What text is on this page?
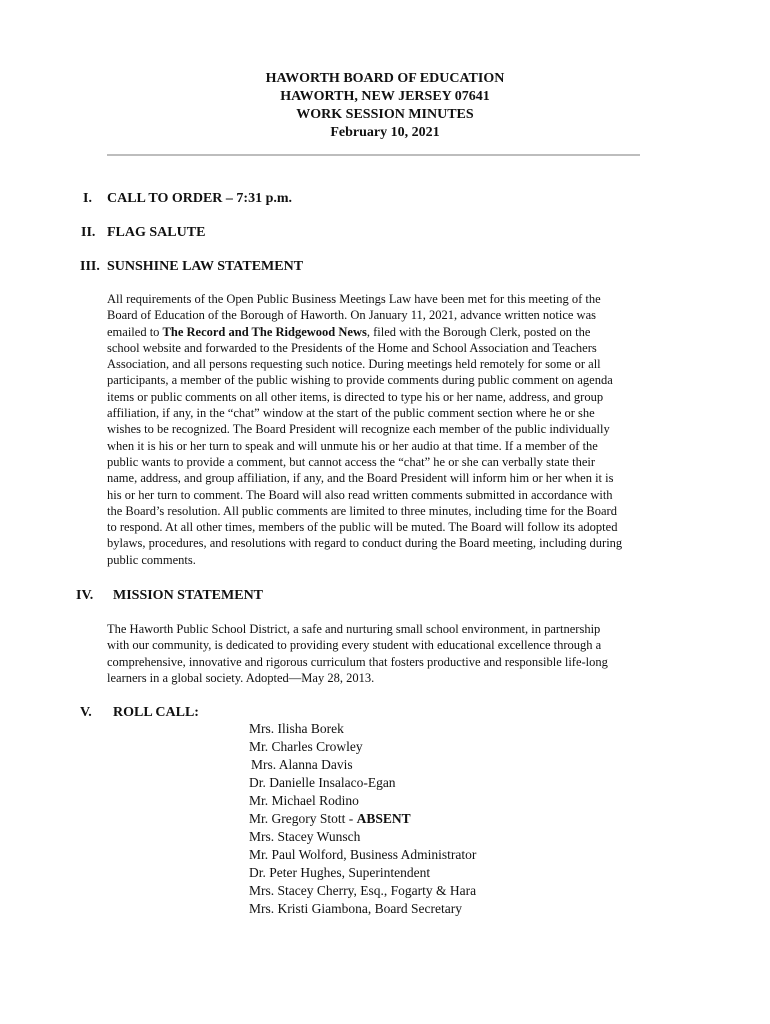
HAWORTH BOARD OF EDUCATION
HAWORTH, NEW JERSEY 07641
WORK SESSION MINUTES
February 10, 2021
I. CALL TO ORDER – 7:31 p.m.
II. FLAG SALUTE
III. SUNSHINE LAW STATEMENT

All requirements of the Open Public Business Meetings Law have been met for this meeting of the

Board of Education of the Borough of Haworth. On January 11, 2021, advance written notice was

emailed to The Record and The Ridgewood News, filed with the Borough Clerk, posted on the

school website and forwarded to the Presidents of the Home and School Association and Teachers

Association, and all persons requesting such notice. During meetings held remotely for some or all

participants, a member of the public wishing to provide comments during public comment on agenda

items or public comments on all other items, is directed to type his or her name, address, and group

affiliation, if any, in the “chat” window at the start of the public comment section where he or she

wishes to be recognized. The Board President will recognize each member of the public individually

when it is his or her turn to speak and will unmute his or her audio at that time. If a member of the

public wants to provide a comment, but cannot access the “chat” he or she can verbally state their

name, address, and group affiliation, if any, and the Board President will inform him or her when it is

his or her turn to comment. The Board will also read written comments submitted in accordance with

the Board’s resolution. All public comments are limited to three minutes, including time for the Board

to respond. At all other times, members of the public will be muted. The Board will follow its adopted

bylaws, procedures, and resolutions with regard to conduct during the Board meeting, including during

public comments.

IV. MISSION STATEMENT

The Haworth Public School District, a safe and nurturing small school environment, in partnership

with our community, is dedicated to providing every student with educational excellence through a

comprehensive, innovative and rigorous curriculum that fosters productive and responsible life-long

learners in a global society. Adopted—May 28, 2013.

V. ROLL CALL:
Mrs. Ilisha Borek
Mr. Charles Crowley
Mrs. Alanna Davis
Dr. Danielle Insalaco-Egan
Mr. Michael Rodino
Mr. Gregory Stott - ABSENT
Mrs. Stacey Wunsch
Mr. Paul Wolford, Business Administrator
Dr. Peter Hughes, Superintendent
Mrs. Stacey Cherry, Esq., Fogarty & Hara
Mrs. Kristi Giambona, Board Secretary
